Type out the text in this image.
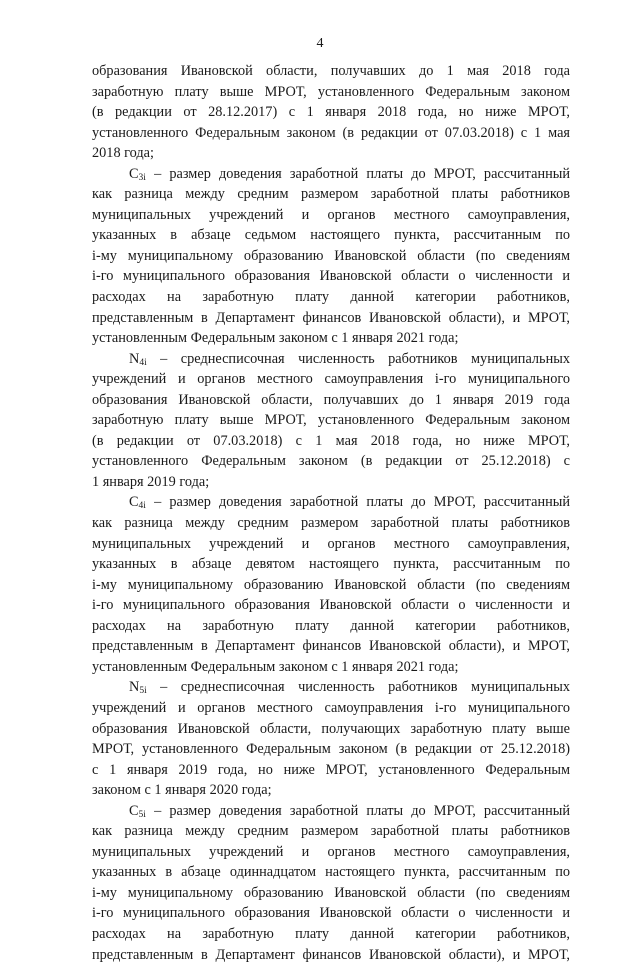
4
образования Ивановской области, получавших до 1 мая 2018 года
заработную плату выше МРОТ, установленного Федеральным законом
(в редакции от 28.12.2017) с 1 января 2018 года, но ниже МРОТ,
установленного Федеральным законом (в редакции от 07.03.2018) с 1 мая
2018 года;
$С_{3i}$ – размер доведения заработной платы до МРОТ, рассчитанный
как разница между средним размером заработной платы работников
муниципальных учреждений и органов местного самоуправления,
указанных в абзаце седьмом настоящего пункта, рассчитанным по
i-му муниципальному образованию Ивановской области (по сведениям
i-го муниципального образования Ивановской области о численности и
расходах на заработную плату данной категории работников,
представленным в Департамент финансов Ивановской области), и МРОТ,
установленным Федеральным законом с 1 января 2021 года;
$N_{4i}$ – среднесписочная численность работников муниципальных
учреждений и органов местного самоуправления i-го муниципального
образования Ивановской области, получавших до 1 января 2019 года
заработную плату выше МРОТ, установленного Федеральным законом
(в редакции от 07.03.2018) с 1 мая 2018 года, но ниже МРОТ,
установленного Федеральным законом (в редакции от 25.12.2018) с
1 января 2019 года;
$С_{4i}$ – размер доведения заработной платы до МРОТ, рассчитанный
как разница между средним размером заработной платы работников
муниципальных учреждений и органов местного самоуправления,
указанных в абзаце девятом настоящего пункта, рассчитанным по
i-му муниципальному образованию Ивановской области (по сведениям
i-го муниципального образования Ивановской области о численности и
расходах на заработную плату данной категории работников,
представленным в Департамент финансов Ивановской области), и МРОТ,
установленным Федеральным законом с 1 января 2021 года;
$N_{5i}$ – среднесписочная численность работников муниципальных
учреждений и органов местного самоуправления i-го муниципального
образования Ивановской области, получающих заработную плату выше
МРОТ, установленного Федеральным законом (в редакции от 25.12.2018)
с 1 января 2019 года, но ниже МРОТ, установленного Федеральным
законом с 1 января 2020 года;
$С_{5i}$ – размер доведения заработной платы до МРОТ, рассчитанный
как разница между средним размером заработной платы работников
муниципальных учреждений и органов местного самоуправления,
указанных в абзаце одиннадцатом настоящего пункта, рассчитанным по
i-му муниципальному образованию Ивановской области (по сведениям
i-го муниципального образования Ивановской области о численности и
расходах на заработную плату данной категории работников,
представленным в Департамент финансов Ивановской области), и МРОТ,
